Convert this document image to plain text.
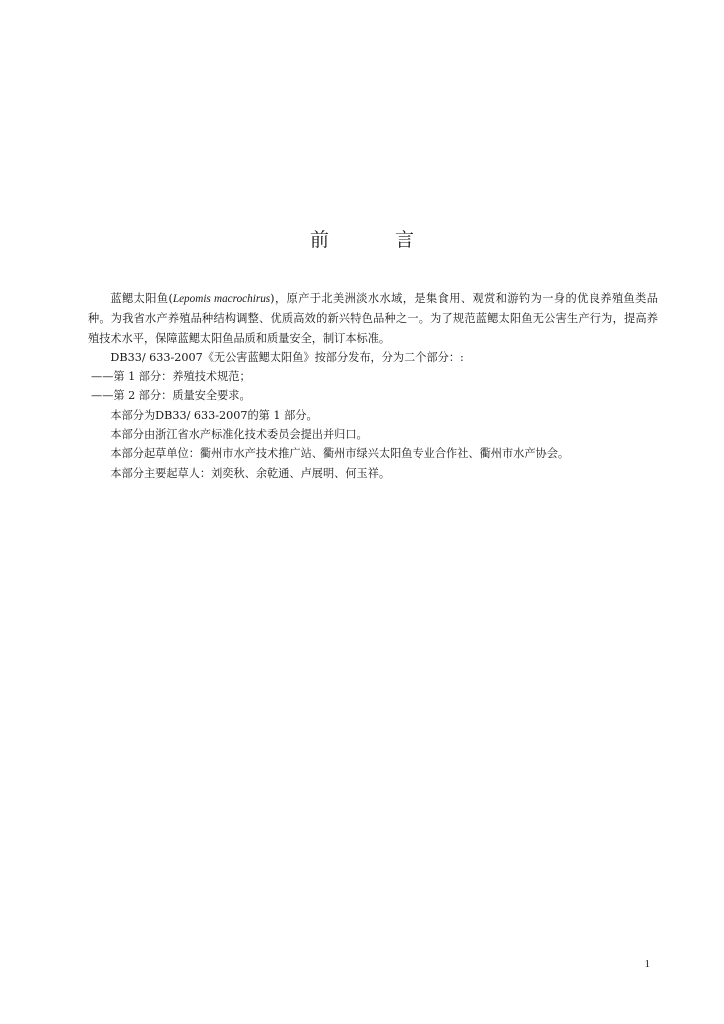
前 言

蓝鳃太阳鱼(Lepomis macrochirus)，原产于北美洲淡水水域，是集食用、观赏和游钓为一身的优良养殖鱼类品种。为我省水产养殖品种结构调整、优质高效的新兴特色品种之一。为了规范蓝鳃太阳鱼无公害生产行为，提高养殖技术水平，保障蓝鳃太阳鱼品质和质量安全，制订本标准。

DB33/ 633-2007《无公害蓝鳃太阳鱼》按部分发布，分为二个部分：:

——第 1 部分：养殖技术规范；

——第 2 部分：质量安全要求。

本部分为DB33/ 633-2007的第 1 部分。

本部分由浙江省水产标准化技术委员会提出并归口。

本部分起草单位：衢州市水产技术推广站、衢州市绿兴太阳鱼专业合作社、衢州市水产协会。

本部分主要起草人：刘奕秋、余乾通、卢展明、何玉祥。

1
